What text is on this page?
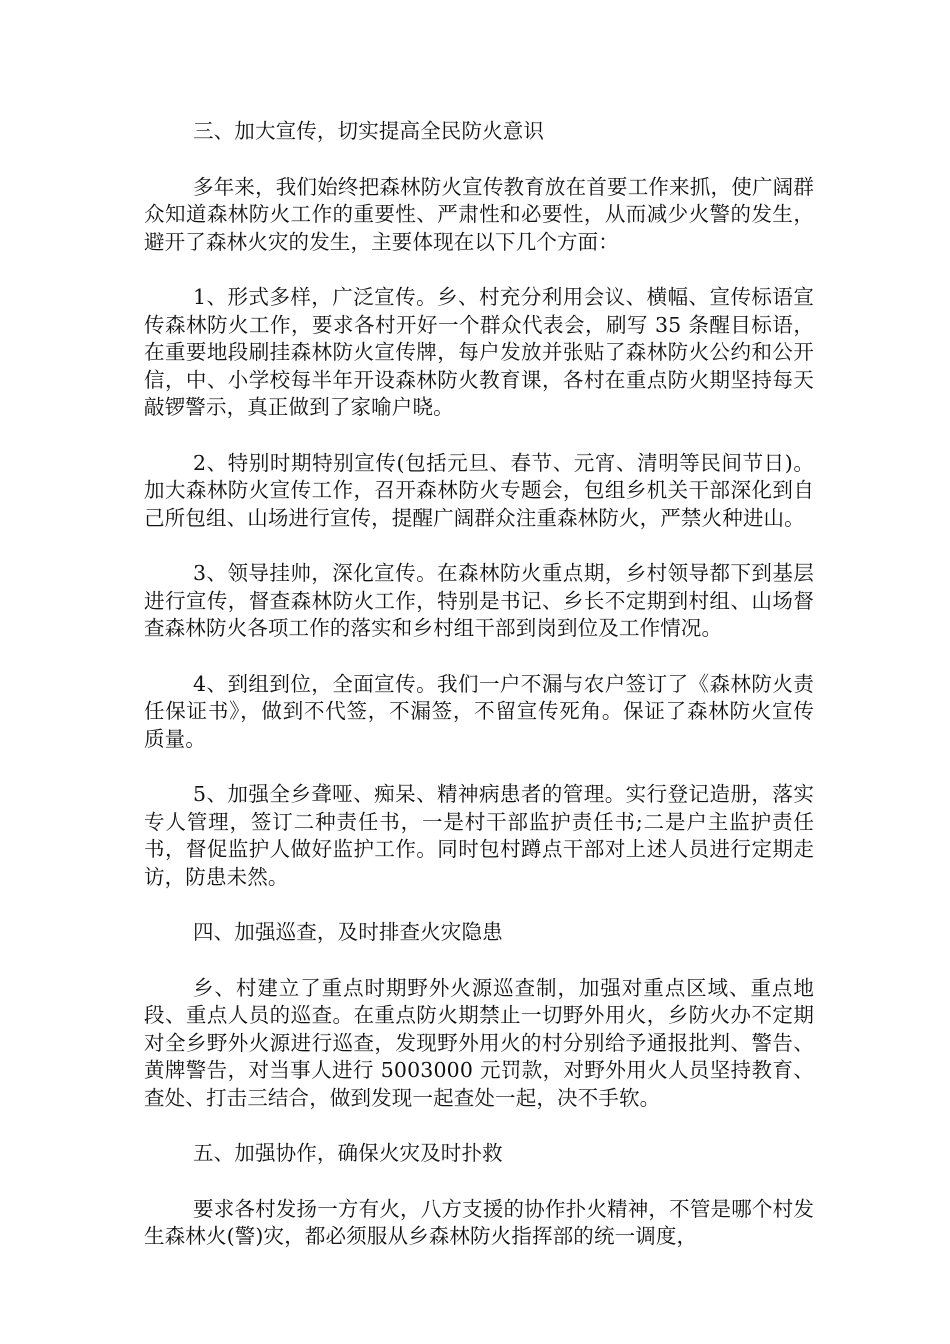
三、加大宣传，切实提高全民防火意识

多年来，我们始终把森林防火宣传教育放在首要工作来抓，使广阔群众知道森林防火工作的重要性、严肃性和必要性，从而减少火警的发生，避开了森林火灾的发生，主要体现在以下几个方面：

1、形式多样，广泛宣传。乡、村充分利用会议、横幅、宣传标语宣传森林防火工作，要求各村开好一个群众代表会，刷写 35 条醒目标语，在重要地段刷挂森林防火宣传牌，每户发放并张贴了森林防火公约和公开信，中、小学校每半年开设森林防火教育课，各村在重点防火期坚持每天敲锣警示，真正做到了家喻户晓。

2、特别时期特别宣传(包括元旦、春节、元宵、清明等民间节日)。加大森林防火宣传工作，召开森林防火专题会，包组乡机关干部深化到自己所包组、山场进行宣传，提醒广阔群众注重森林防火，严禁火种进山。

3、领导挂帅，深化宣传。在森林防火重点期，乡村领导都下到基层进行宣传，督查森林防火工作，特别是书记、乡长不定期到村组、山场督查森林防火各项工作的落实和乡村组干部到岗到位及工作情况。

4、到组到位，全面宣传。我们一户不漏与农户签订了《森林防火责任保证书》，做到不代签，不漏签，不留宣传死角。保证了森林防火宣传质量。

5、加强全乡聋哑、痴呆、精神病患者的管理。实行登记造册，落实专人管理，签订二种责任书，一是村干部监护责任书;二是户主监护责任书，督促监护人做好监护工作。同时包村蹲点干部对上述人员进行定期走访，防患未然。

四、加强巡查，及时排查火灾隐患

乡、村建立了重点时期野外火源巡查制，加强对重点区域、重点地段、重点人员的巡查。在重点防火期禁止一切野外用火，乡防火办不定期对全乡野外火源进行巡查，发现野外用火的村分别给予通报批判、警告、黄牌警告，对当事人进行 5003000 元罚款，对野外用火人员坚持教育、查处、打击三结合，做到发现一起查处一起，决不手软。

五、加强协作，确保火灾及时扑救

要求各村发扬一方有火，八方支援的协作扑火精神，不管是哪个村发生森林火(警)灾，都必须服从乡森林防火指挥部的统一调度，
